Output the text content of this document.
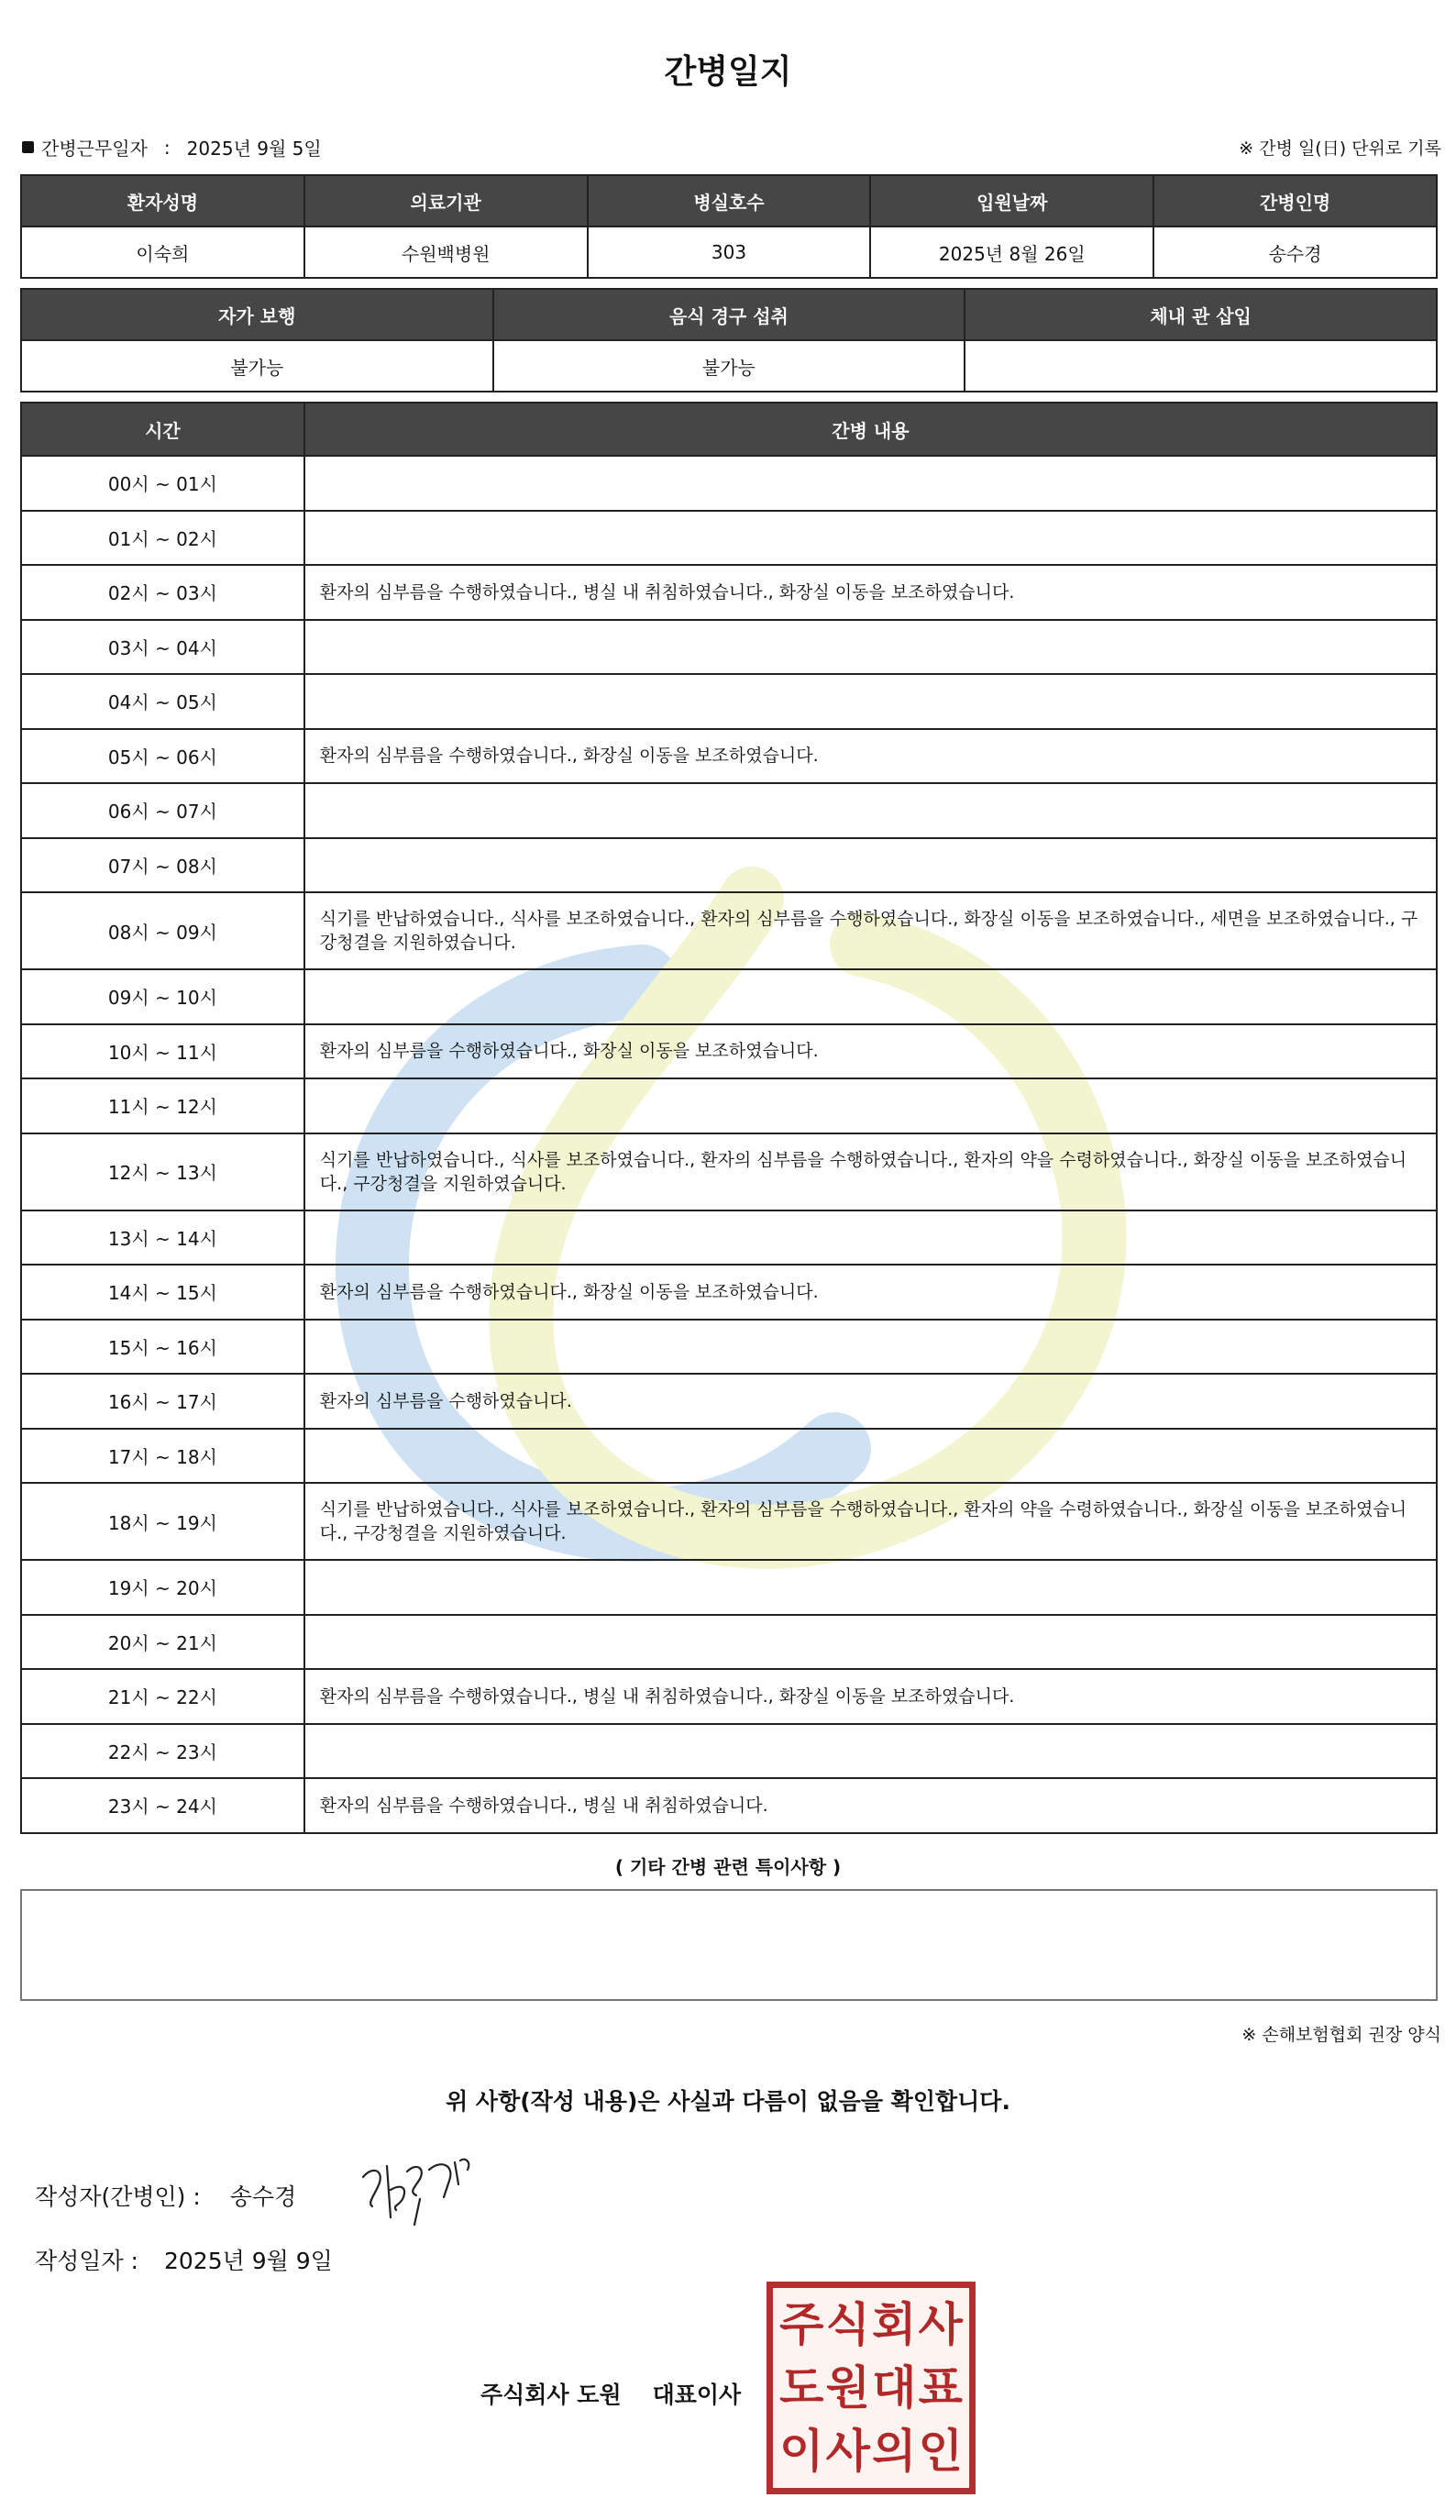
간병일지
간병근무일자 : 2025년 9월 5일	※ 간병 일(日) 단위로 기록
환자성명	의료기관	병실호수	입원날짜	간병인명
이숙희	수원백병원	303	2025년 8월 26일	송수경
자가 보행	음식 경구 섭취	체내 관 삽입
불가능	불가능	
시간	간병 내용
00시 ~ 01시	
01시 ~ 02시	
02시 ~ 03시	환자의 심부름을 수행하였습니다., 병실 내 취침하였습니다., 화장실 이동을 보조하였습니다.
03시 ~ 04시	
04시 ~ 05시	
05시 ~ 06시	환자의 심부름을 수행하였습니다., 화장실 이동을 보조하였습니다.
06시 ~ 07시	
07시 ~ 08시	
08시 ~ 09시	식기를 반납하였습니다., 식사를 보조하였습니다., 환자의 심부름을 수행하였습니다., 화장실 이동을 보조하였습니다., 세면을 보조하였습니다., 구강청결을 지원하였습니다.
09시 ~ 10시	
10시 ~ 11시	환자의 심부름을 수행하였습니다., 화장실 이동을 보조하였습니다.
11시 ~ 12시	
12시 ~ 13시	식기를 반납하였습니다., 식사를 보조하였습니다., 환자의 심부름을 수행하였습니다., 환자의 약을 수령하였습니다., 화장실 이동을 보조하였습니다., 구강청결을 지원하였습니다.
13시 ~ 14시	
14시 ~ 15시	환자의 심부름을 수행하였습니다., 화장실 이동을 보조하였습니다.
15시 ~ 16시	
16시 ~ 17시	환자의 심부름을 수행하였습니다.
17시 ~ 18시	
18시 ~ 19시	식기를 반납하였습니다., 식사를 보조하였습니다., 환자의 심부름을 수행하였습니다., 환자의 약을 수령하였습니다., 화장실 이동을 보조하였습니다., 구강청결을 지원하였습니다.
19시 ~ 20시	
20시 ~ 21시	
21시 ~ 22시	환자의 심부름을 수행하였습니다., 병실 내 취침하였습니다., 화장실 이동을 보조하였습니다.
22시 ~ 23시	
23시 ~ 24시	환자의 심부름을 수행하였습니다., 병실 내 취침하였습니다.
( 기타 간병 관련 특이사항 )
※ 손해보험협회 권장 양식
위 사항(작성 내용)은 사실과 다름이 없음을 확인합니다.
작성자(간병인) : 송수경
작성일자 : 2025년 9월 9일
주식회사 도원 대표이사
주 식 회 사
도 원 대 표
이 사 의 인
